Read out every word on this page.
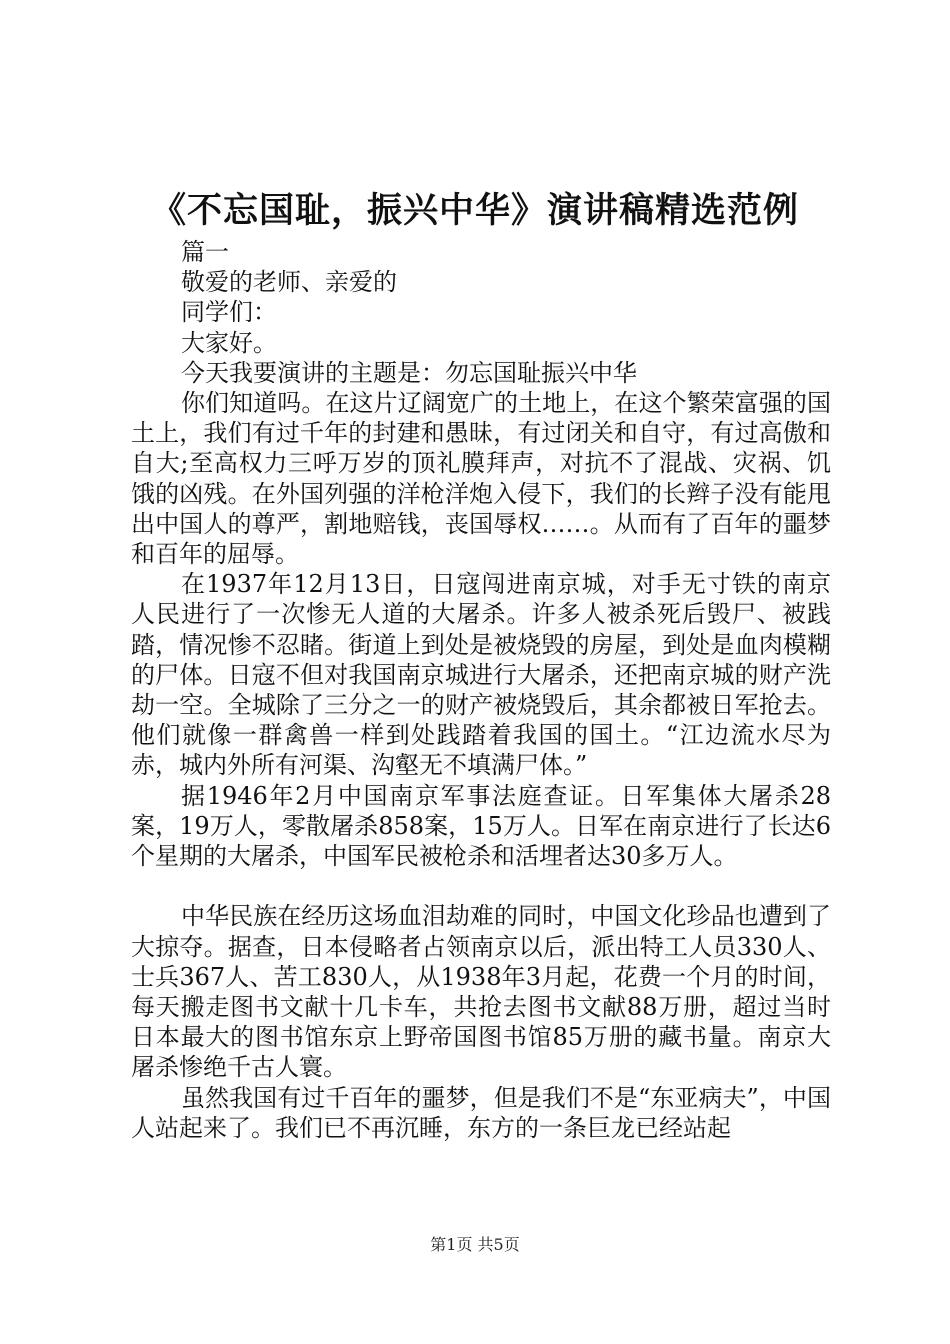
《不忘国耻，振兴中华》演讲稿精选范例

篇一

敬爱的老师、亲爱的

同学们：

大家好。

今天我要演讲的主题是：勿忘国耻振兴中华

你们知道吗。在这片辽阔宽广的土地上，在这个繁荣富强的国土上，我们有过千年的封建和愚昧，有过闭关和自守，有过高傲和自大;至高权力三呼万岁的顶礼膜拜声，对抗不了混战、灾祸、饥饿的凶残。在外国列强的洋枪洋炮入侵下，我们的长辫子没有能甩出中国人的尊严，割地赔钱，丧国辱权……。从而有了百年的噩梦和百年的屈辱。

在1937年12月13日，日寇闯进南京城，对手无寸铁的南京人民进行了一次惨无人道的大屠杀。许多人被杀死后毁尸、被践踏，情况惨不忍睹。街道上到处是被烧毁的房屋，到处是血肉模糊的尸体。日寇不但对我国南京城进行大屠杀，还把南京城的财产洗劫一空。全城除了三分之一的财产被烧毁后，其余都被日军抢去。他们就像一群禽兽一样到处践踏着我国的国土。“江边流水尽为赤，城内外所有河渠、沟壑无不填满尸体。”

据1946年2月中国南京军事法庭查证。日军集体大屠杀28案，19万人，零散屠杀858案，15万人。日军在南京进行了长达6个星期的大屠杀，中国军民被枪杀和活埋者达30多万人。

中华民族在经历这场血泪劫难的同时，中国文化珍品也遭到了大掠夺。据查，日本侵略者占领南京以后，派出特工人员330人、士兵367人、苦工830人，从1938年3月起，花费一个月的时间，每天搬走图书文献十几卡车，共抢去图书文献88万册，超过当时日本最大的图书馆东京上野帝国图书馆85万册的藏书量。南京大屠杀惨绝千古人寰。

虽然我国有过千百年的噩梦，但是我们不是“东亚病夫”，中国人站起来了。我们已不再沉睡，东方的一条巨龙已经站起

第1页 共5页
